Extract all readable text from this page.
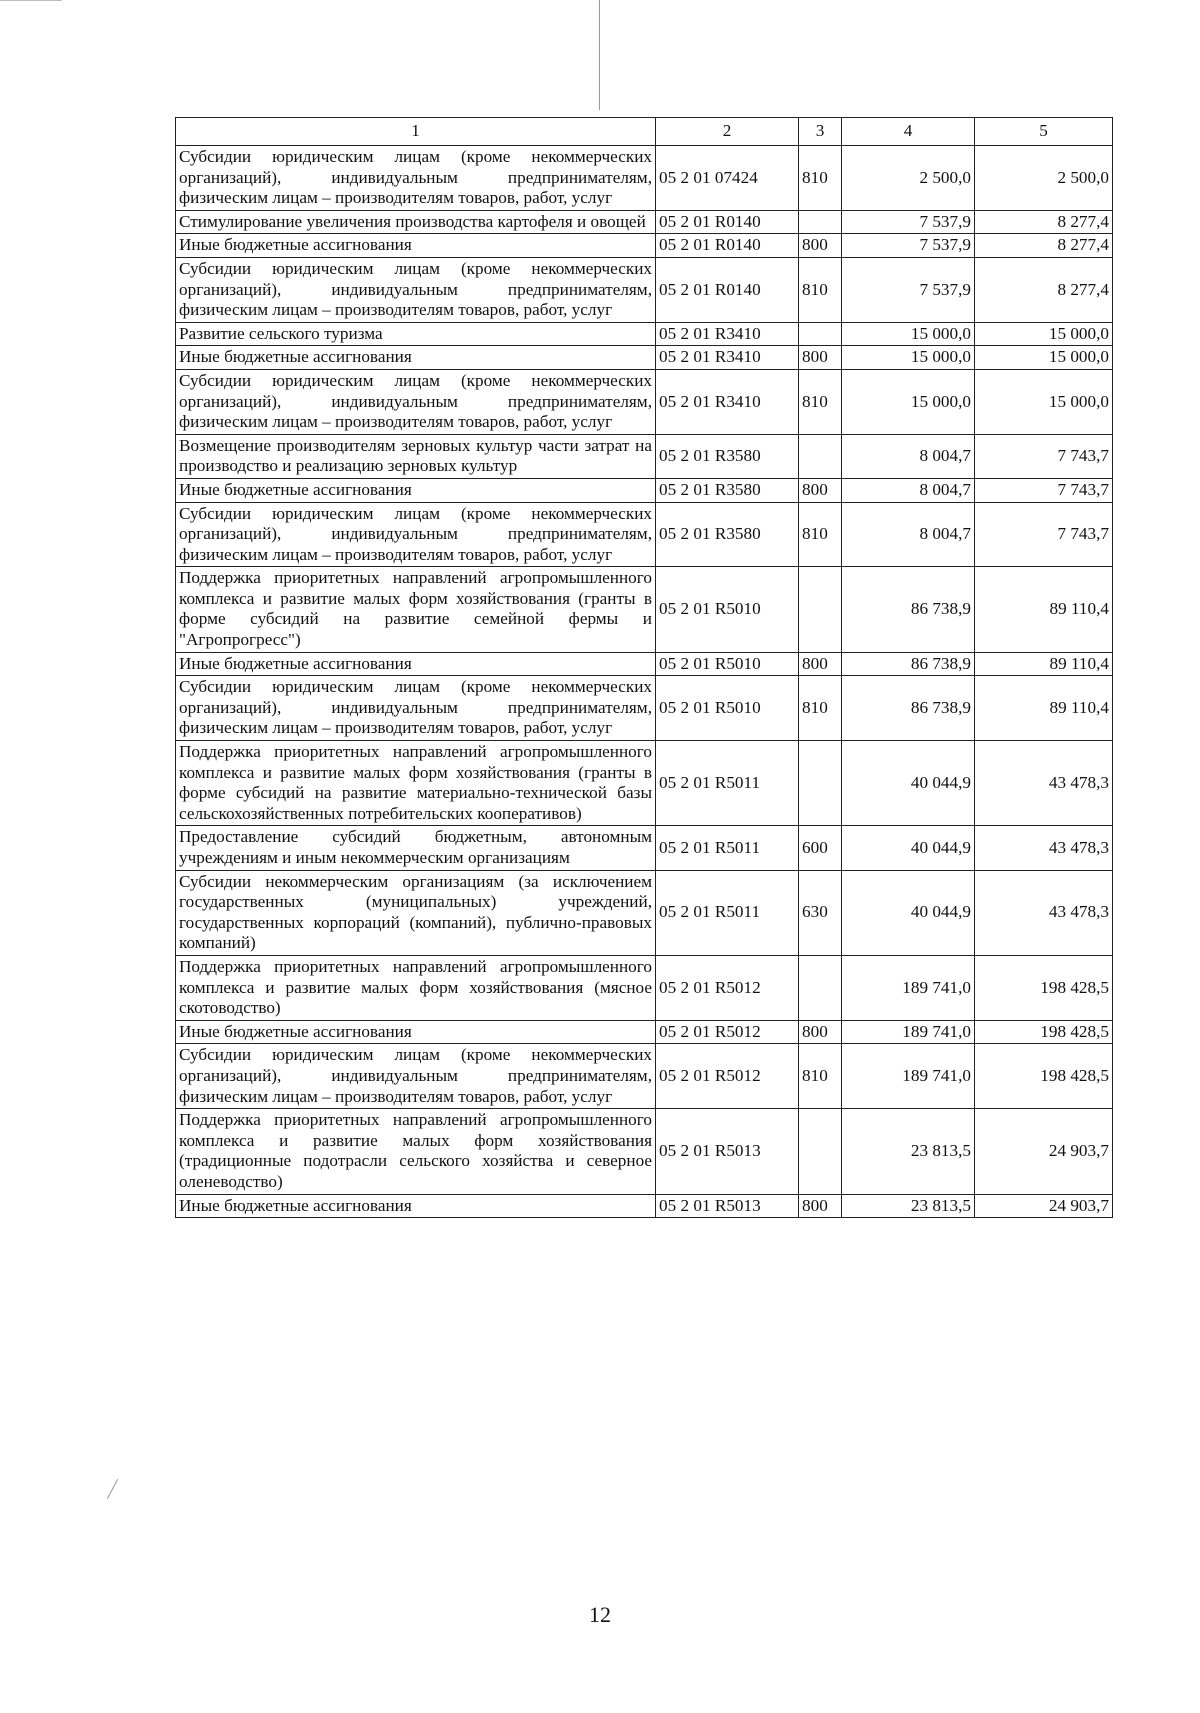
1	2	3	4	5
Субсидии юридическим лицам (кроме некоммерческих организаций), индивидуальным предпринимателям, физическим лицам – производителям товаров, работ, услуг	05 2 01 07424	810	2 500,0	2 500,0
Стимулирование увеличения производства картофеля и овощей	05 2 01 R0140		7 537,9	8 277,4
Иные бюджетные ассигнования	05 2 01 R0140	800	7 537,9	8 277,4
Субсидии юридическим лицам (кроме некоммерческих организаций), индивидуальным предпринимателям, физическим лицам – производителям товаров, работ, услуг	05 2 01 R0140	810	7 537,9	8 277,4
Развитие сельского туризма	05 2 01 R3410		15 000,0	15 000,0
Иные бюджетные ассигнования	05 2 01 R3410	800	15 000,0	15 000,0
Субсидии юридическим лицам (кроме некоммерческих организаций), индивидуальным предпринимателям, физическим лицам – производителям товаров, работ, услуг	05 2 01 R3410	810	15 000,0	15 000,0
Возмещение производителям зерновых культур части затрат на производство и реализацию зерновых культур	05 2 01 R3580		8 004,7	7 743,7
Иные бюджетные ассигнования	05 2 01 R3580	800	8 004,7	7 743,7
Субсидии юридическим лицам (кроме некоммерческих организаций), индивидуальным предпринимателям, физическим лицам – производителям товаров, работ, услуг	05 2 01 R3580	810	8 004,7	7 743,7
Поддержка приоритетных направлений агропромышленного комплекса и развитие малых форм хозяйствования (гранты в форме субсидий на развитие семейной фермы и "Агропрогресс")	05 2 01 R5010		86 738,9	89 110,4
Иные бюджетные ассигнования	05 2 01 R5010	800	86 738,9	89 110,4
Субсидии юридическим лицам (кроме некоммерческих организаций), индивидуальным предпринимателям, физическим лицам – производителям товаров, работ, услуг	05 2 01 R5010	810	86 738,9	89 110,4
Поддержка приоритетных направлений агропромышленного комплекса и развитие малых форм хозяйствования (гранты в форме субсидий на развитие материально-технической базы сельскохозяйственных потребительских кооперативов)	05 2 01 R5011		40 044,9	43 478,3
Предоставление субсидий бюджетным, автономным учреждениям и иным некоммерческим организациям	05 2 01 R5011	600	40 044,9	43 478,3
Субсидии некоммерческим организациям (за исключением государственных (муниципальных) учреждений, государственных корпораций (компаний), публично-правовых компаний)	05 2 01 R5011	630	40 044,9	43 478,3
Поддержка приоритетных направлений агропромышленного комплекса и развитие малых форм хозяйствования (мясное скотоводство)	05 2 01 R5012		189 741,0	198 428,5
Иные бюджетные ассигнования	05 2 01 R5012	800	189 741,0	198 428,5
Субсидии юридическим лицам (кроме некоммерческих организаций), индивидуальным предпринимателям, физическим лицам – производителям товаров, работ, услуг	05 2 01 R5012	810	189 741,0	198 428,5
Поддержка приоритетных направлений агропромышленного комплекса и развитие малых форм хозяйствования (традиционные подотрасли сельского хозяйства и северное оленеводство)	05 2 01 R5013		23 813,5	24 903,7
Иные бюджетные ассигнования	05 2 01 R5013	800	23 813,5	24 903,7
12
